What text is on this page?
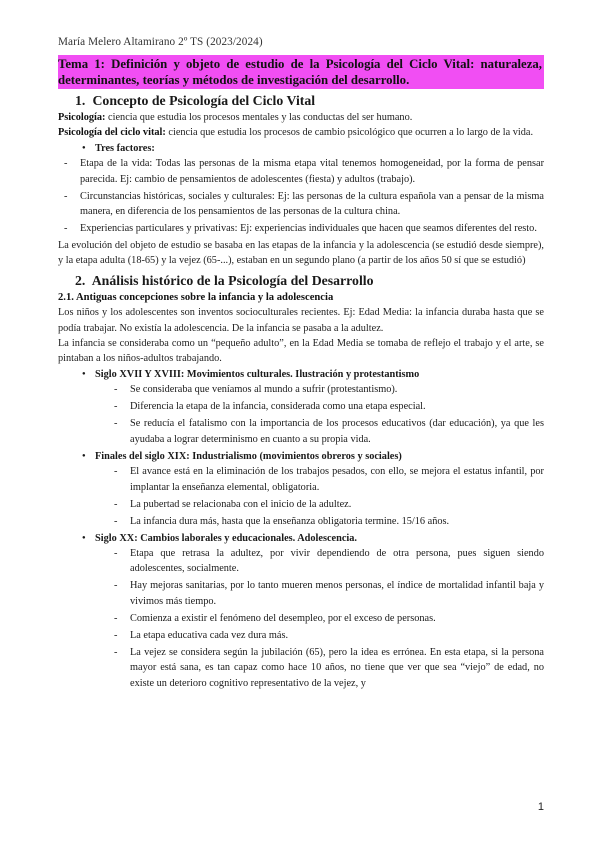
María Melero Altamirano 2º TS (2023/2024)
Tema 1: Definición y objeto de estudio de la Psicología del Ciclo Vital: naturaleza, determinantes, teorías y métodos de investigación del desarrollo.
1. Concepto de Psicología del Ciclo Vital
Psicología: ciencia que estudia los procesos mentales y las conductas del ser humano.
Psicología del ciclo vital: ciencia que estudia los procesos de cambio psicológico que ocurren a lo largo de la vida.
● Tres factores:
- Etapa de la vida: Todas las personas de la misma etapa vital tenemos homogeneidad, por la forma de pensar parecida. Ej: cambio de pensamientos de adolescentes (fiesta) y adultos (trabajo).
- Circunstancias históricas, sociales y culturales: Ej: las personas de la cultura española van a pensar de la misma manera, en diferencia de los pensamientos de las personas de la cultura china.
- Experiencias particulares y privativas: Ej: experiencias individuales que hacen que seamos diferentes del resto.
La evolución del objeto de estudio se basaba en las etapas de la infancia y la adolescencia (se estudió desde siempre), y la etapa adulta (18-65) y la vejez (65-...), estaban en un segundo plano (a partir de los años 50 sí que se estudió)
2. Análisis histórico de la Psicología del Desarrollo
2.1. Antiguas concepciones sobre la infancia y la adolescencia
Los niños y los adolescentes son inventos socioculturales recientes. Ej: Edad Media: la infancia duraba hasta que se podía trabajar. No existía la adolescencia. De la infancia se pasaba a la adultez.
La infancia se consideraba como un “pequeño adulto”, en la Edad Media se tomaba de reflejo el trabajo y el arte, se pintaban a los niños-adultos trabajando.
● Siglo XVII Y XVIII: Movimientos culturales. Ilustración y protestantismo
- Se consideraba que veníamos al mundo a sufrir (protestantismo).
- Diferencia la etapa de la infancia, considerada como una etapa especial.
- Se reducía el fatalismo con la importancia de los procesos educativos (dar educación), ya que les ayudaba a lograr determinismo en cuanto a su propia vida.
● Finales del siglo XIX: Industrialismo (movimientos obreros y sociales)
- El avance está en la eliminación de los trabajos pesados, con ello, se mejora el estatus infantil, por implantar la enseñanza elemental, obligatoria.
- La pubertad se relacionaba con el inicio de la adultez.
- La infancia dura más, hasta que la enseñanza obligatoria termine. 15/16 años.
● Siglo XX: Cambios laborales y educacionales. Adolescencia.
- Etapa que retrasa la adultez, por vivir dependiendo de otra persona, pues siguen siendo adolescentes, socialmente.
- Hay mejoras sanitarias, por lo tanto mueren menos personas, el índice de mortalidad infantil baja y vivimos más tiempo.
- Comienza a existir el fenómeno del desempleo, por el exceso de personas.
- La etapa educativa cada vez dura más.
- La vejez se considera según la jubilación (65), pero la idea es errónea. En esta etapa, si la persona mayor está sana, es tan capaz como hace 10 años, no tiene que ver que sea “viejo” de edad, no existe un deterioro cognitivo representativo de la vejez, y
1
